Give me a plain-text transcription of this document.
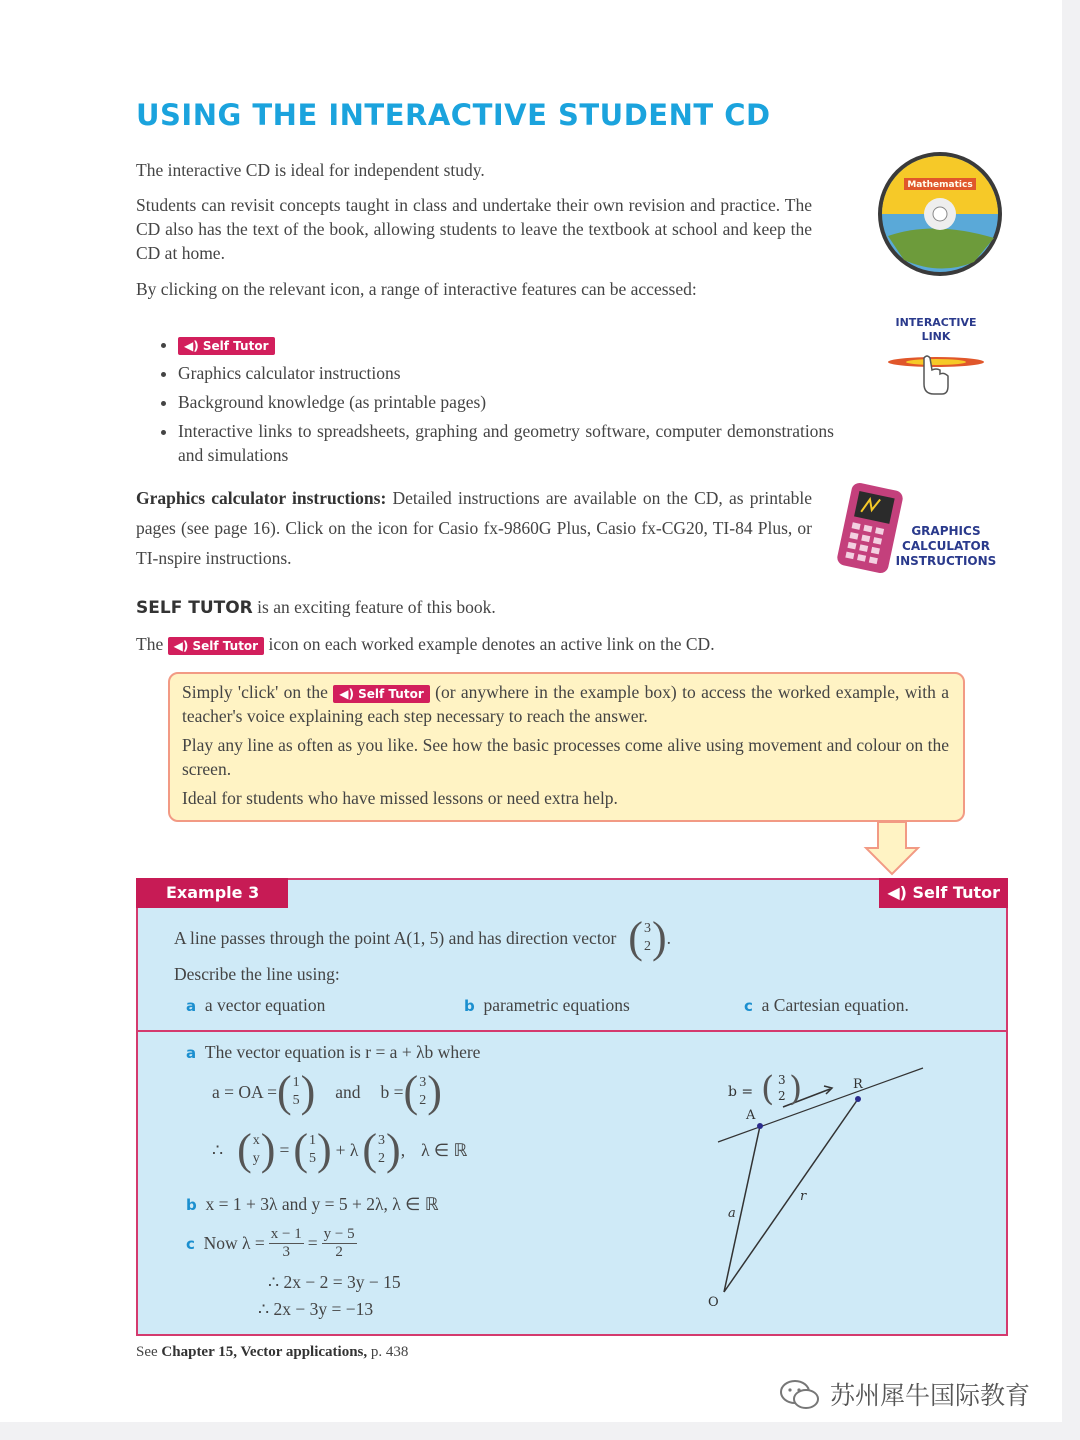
USING THE INTERACTIVE STUDENT CD

The interactive CD is ideal for independent study.

Students can revisit concepts taught in class and undertake their own revision and practice. The CD also has the text of the book, allowing students to leave the textbook at school and keep the CD at home.

By clicking on the relevant icon, a range of interactive features can be accessed:

• ◀) Self Tutor
• Graphics calculator instructions
• Background knowledge (as printable pages)
• Interactive links to spreadsheets, graphing and geometry software, computer demonstrations and simulations

Graphics calculator instructions: Detailed instructions are available on the CD, as printable pages (see page 16). Click on the icon for Casio fx-9860G Plus, Casio fx-CG20, TI-84 Plus, or TI-nspire instructions.

SELF TUTOR is an exciting feature of this book.

The ◀) Self Tutor icon on each worked example denotes an active link on the CD.

Simply 'click' on the ◀) Self Tutor (or anywhere in the example box) to access the worked example, with a teacher's voice explaining each step necessary to reach the answer.

Play any line as often as you like. See how the basic processes come alive using movement and colour on the screen.

Ideal for students who have missed lessons or need extra help.

Mathematics
INTERACTIVE
LINK
GRAPHICS
CALCULATOR
INSTRUCTIONS
Example 3	◀) Self Tutor
A line passes through the point A(1, 5) and has direction vector ( 3
2 ) .
Describe the line using:
a a vector equation	b parametric equations	c a Cartesian equation.
a The vector equation is r = a + λb where
a = OA = ( 1
5 ) and b = ( 3
2 )
∴ ( x
y ) = ( 1
5 ) + λ ( 3
2 ) , λ ∈ ℝ
b x = 1 + 3λ and y = 5 + 2λ, λ ∈ ℝ
c
Now $\lambda = \frac{x - 1}{3} = \frac{y - 5}{2}$
∴ 2x − 2 = 3y − 15
∴ 2x − 3y = −13
R
A
O
a
r
b = ( 3
2 )
See Chapter 15, Vector applications, p. 438
苏州犀牛国际教育
